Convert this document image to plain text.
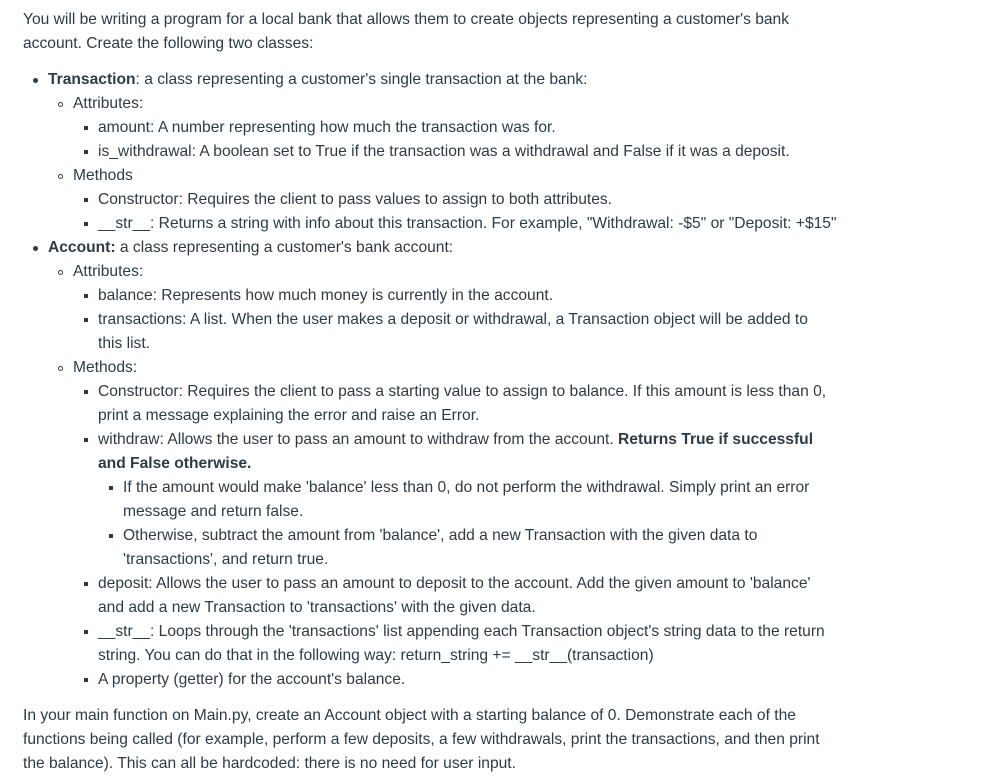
You will be writing a program for a local bank that allows them to create objects representing a customer's bank account. Create the following two classes:

Transaction: a class representing a customer's single transaction at the bank:
Attributes:
amount: A number representing how much the transaction was for.
is_withdrawal: A boolean set to True if the transaction was a withdrawal and False if it was a deposit.
Methods
Constructor: Requires the client to pass values to assign to both attributes.
__str__: Returns a string with info about this transaction. For example, "Withdrawal: -$5" or "Deposit: +$15"
Account: a class representing a customer's bank account:
Attributes:
balance: Represents how much money is currently in the account.
transactions: A list. When the user makes a deposit or withdrawal, a Transaction object will be added to this list.
Methods:
Constructor: Requires the client to pass a starting value to assign to balance. If this amount is less than 0, print a message explaining the error and raise an Error.
withdraw: Allows the user to pass an amount to withdraw from the account. Returns True if successful and False otherwise.
If the amount would make 'balance' less than 0, do not perform the withdrawal. Simply print an error message and return false.
Otherwise, subtract the amount from 'balance', add a new Transaction with the given data to 'transactions', and return true.
deposit: Allows the user to pass an amount to deposit to the account. Add the given amount to 'balance' and add a new Transaction to 'transactions' with the given data.
__str__: Loops through the 'transactions' list appending each Transaction object's string data to the return string. You can do that in the following way: return_string += __str__(transaction)
A property (getter) for the account's balance.

In your main function on Main.py, create an Account object with a starting balance of 0. Demonstrate each of the functions being called (for example, perform a few deposits, a few withdrawals, print the transactions, and then print the balance). This can all be hardcoded: there is no need for user input.
